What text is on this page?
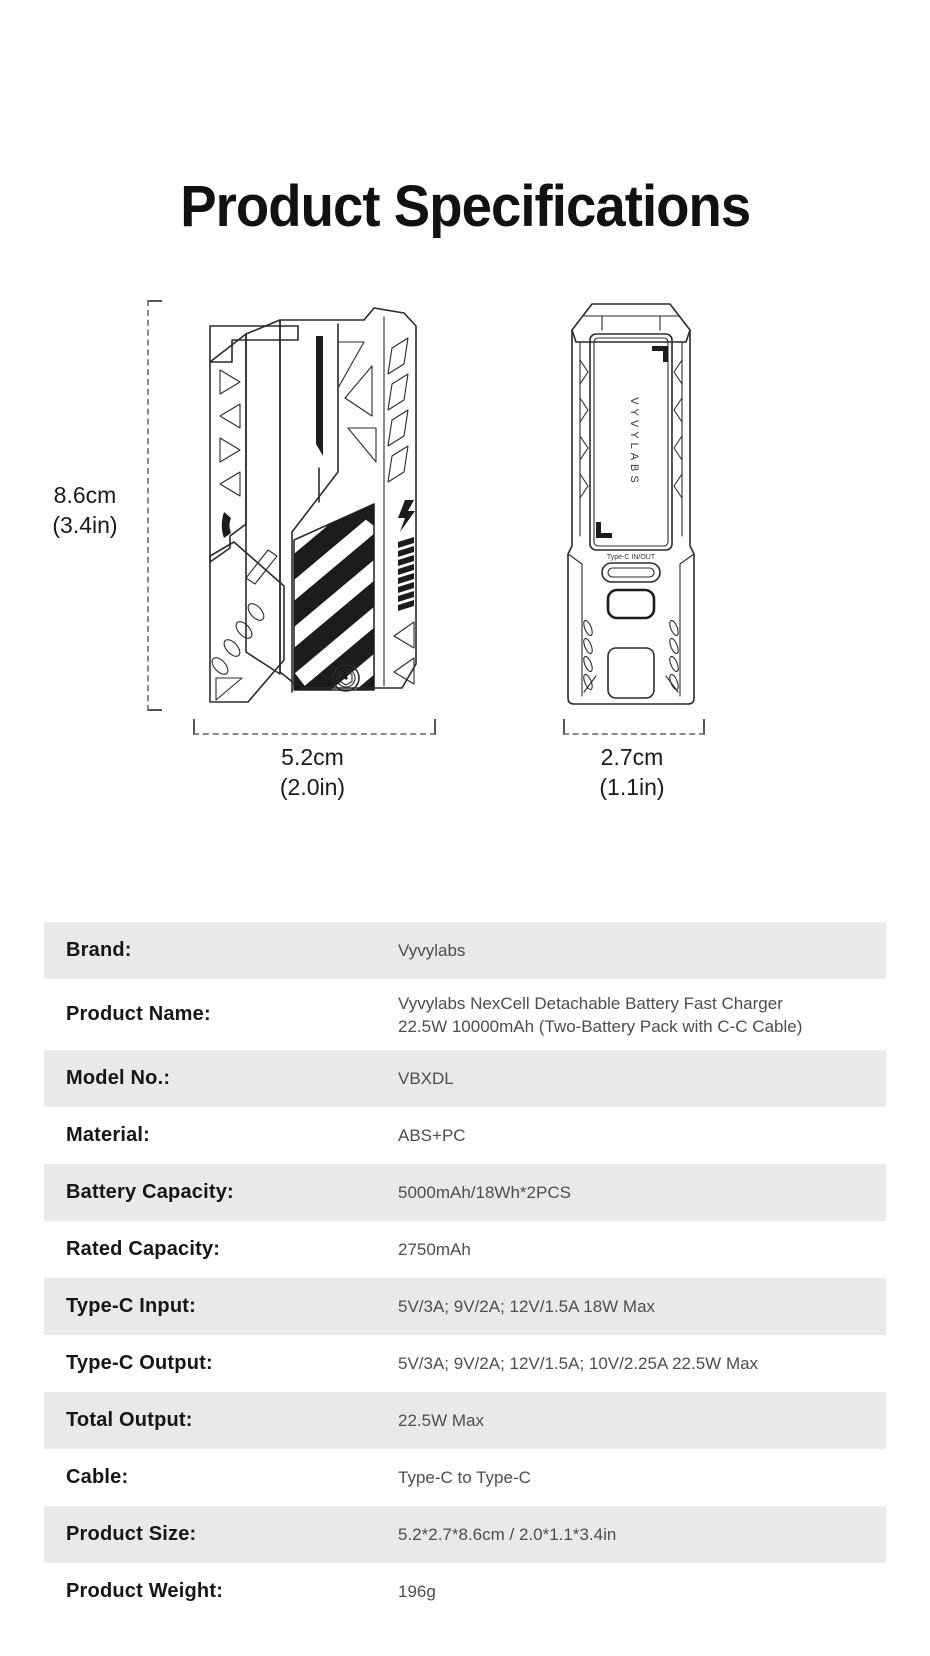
Product Specifications
VYVYLABS
Type-C IN/OUT
8.6cm
(3.4in)
5.2cm
(2.0in)
2.7cm
(1.1in)
Brand:	Vyvylabs
Product Name:	Vyvylabs NexCell Detachable Battery Fast Charger
22.5W 10000mAh (Two-Battery Pack with C-C Cable)
Model No.:	VBXDL
Material:	ABS+PC
Battery Capacity:	5000mAh/18Wh*2PCS
Rated Capacity:	2750mAh
Type-C Input:	5V/3A; 9V/2A; 12V/1.5A 18W Max
Type-C Output:	5V/3A; 9V/2A; 12V/1.5A; 10V/2.25A 22.5W Max
Total Output:	22.5W Max
Cable:	Type-C to Type-C
Product Size:	5.2*2.7*8.6cm / 2.0*1.1*3.4in
Product Weight:	196g
